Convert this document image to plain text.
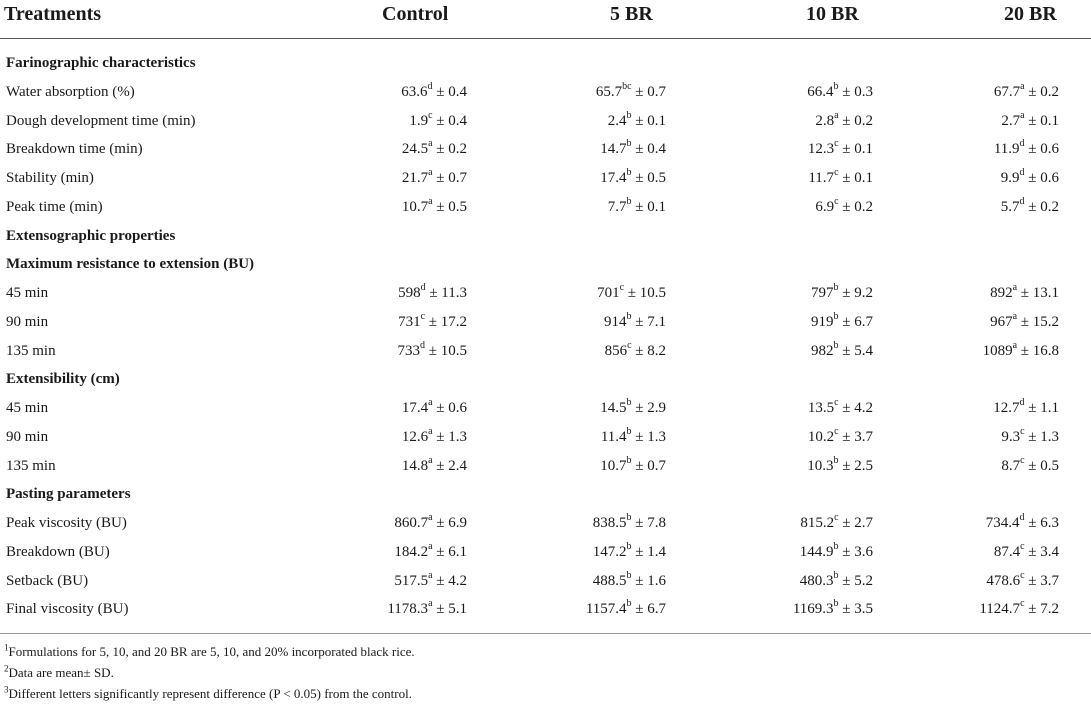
Treatments	Control	5 BR	10 BR	20 BR
Farinographic characteristics
Water absorption (%)	63.6$^d$ ± 0.4	65.7$^{bc}$ ± 0.7	66.4$^b$ ± 0.3	67.7$^a$ ± 0.2
Dough development time (min)	1.9$^c$ ± 0.4	2.4$^b$ ± 0.1	2.8$^a$ ± 0.2	2.7$^a$ ± 0.1
Breakdown time (min)	24.5$^a$ ± 0.2	14.7$^b$ ± 0.4	12.3$^c$ ± 0.1	11.9$^d$ ± 0.6
Stability (min)	21.7$^a$ ± 0.7	17.4$^b$ ± 0.5	11.7$^c$ ± 0.1	9.9$^d$ ± 0.6
Peak time (min)	10.7$^a$ ± 0.5	7.7$^b$ ± 0.1	6.9$^c$ ± 0.2	5.7$^d$ ± 0.2
Extensographic properties
Maximum resistance to extension (BU)
45 min	$598^d \pm 11.3$	$701^c \pm 10.5$	$797^b \pm 9.2$	$892^a \pm 13.1$
90 min	$731^c \pm 17.2$	$914^b \pm 7.1$	$919^b \pm 6.7$	$967^a \pm 15.2$
135 min	$733^d \pm 10.5$	$856^c \pm 8.2$	$982^b \pm 5.4$	$1089^a \pm 16.8$
Extensibility (cm)
45 min	17.4$^a$ ± 0.6	14.5$^b$ ± 2.9	13.5$^c$ ± 4.2	12.7$^d$ ± 1.1
90 min	12.6$^a$ ± 1.3	11.4$^b$ ± 1.3	10.2$^c$ ± 3.7	9.3$^c$ ± 1.3
135 min	14.8$^a$ ± 2.4	10.7$^b$ ± 0.7	10.3$^b$ ± 2.5	8.7$^c$ ± 0.5
Pasting parameters
Peak viscosity (BU)	860.7$^a$ ± 6.9	838.5$^b$ ± 7.8	815.2$^c$ ± 2.7	734.4$^d$ ± 6.3
Breakdown (BU)	184.2$^a$ ± 6.1	147.2$^b$ ± 1.4	144.9$^b$ ± 3.6	87.4$^c$ ± 3.4
Setback (BU)	517.5$^a$ ± 4.2	488.5$^b$ ± 1.6	480.3$^b$ ± 5.2	478.6$^c$ ± 3.7
Final viscosity (BU)	1178.3$^a$ ± 5.1	1157.4$^b$ ± 6.7	1169.3$^b$ ± 3.5	1124.7$^c$ ± 7.2
$^1$Formulations for 5, 10, and 20 BR are 5, 10, and 20% incorporated black rice.
$^2$Data are mean± SD.
$^3$Different letters significantly represent difference (P < 0.05) from the control.
